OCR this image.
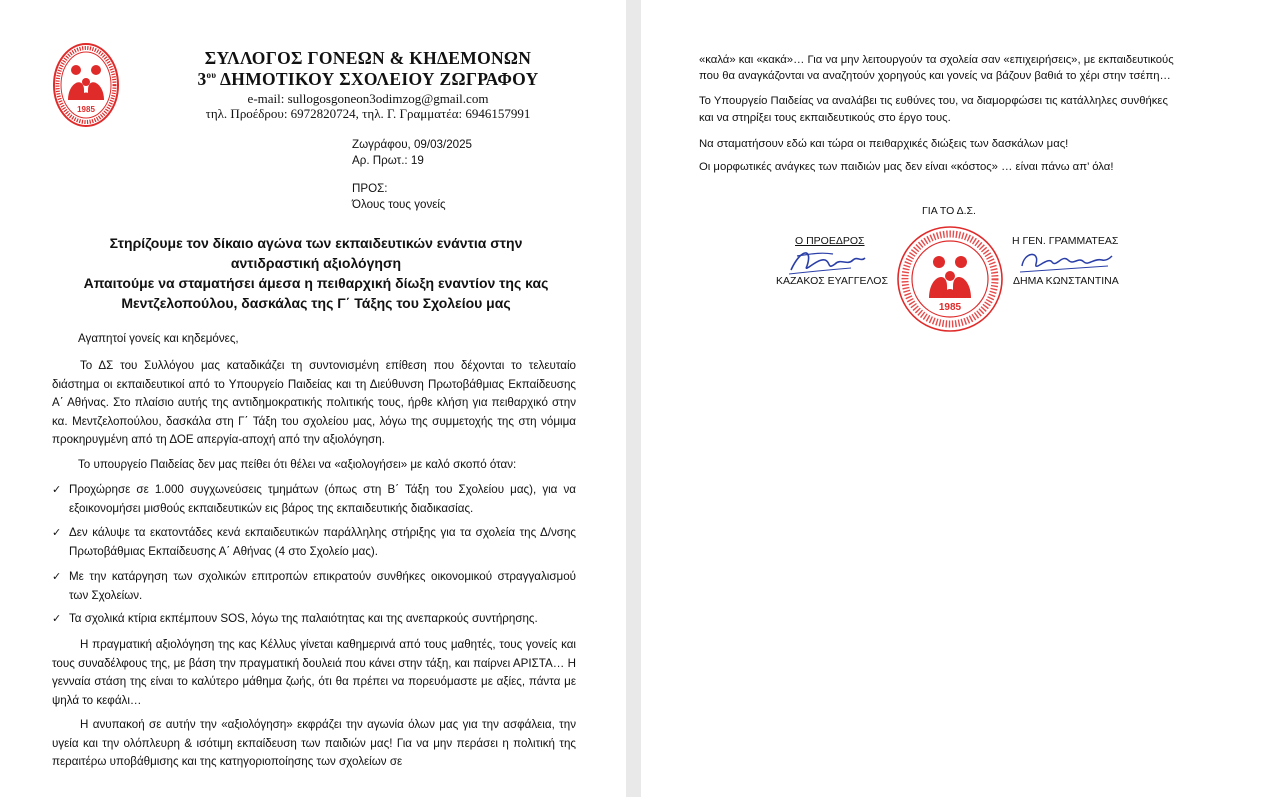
1985
ΣΥΛΛΟΓΟΣ ΓΟΝΕΩΝ & ΚΗΔΕΜΟΝΩΝ
$3^{o\upsilon}$ ΔΗΜΟΤΙΚΟΥ ΣΧΟΛΕΙΟΥ ΖΩΓΡΑΦΟΥ
e-mail: sullogosgoneon3odimzog@gmail.com
τηλ. Προέδρου: 6972820724, τηλ. Γ. Γραμματέα: 6946157991
Ζωγράφου, 09/03/2025
Αρ. Πρωτ.: 19
ΠΡΟΣ:
Όλους τους γονείς
Στηρίζουμε τον δίκαιο αγώνα των εκπαιδευτικών ενάντια στην
αντιδραστική αξιολόγηση
Απαιτούμε να σταματήσει άμεσα η πειθαρχική δίωξη εναντίον της κας
Μεντζελοπούλου, δασκάλας της Γ΄ Τάξης του Σχολείου μας
Αγαπητοί γονείς και κηδεμόνες,
Το ΔΣ του Συλλόγου μας καταδικάζει τη συντονισμένη επίθεση που δέχονται το τελευταίο διάστημα οι εκπαιδευτικοί από το Υπουργείο Παιδείας και τη Διεύθυνση Πρωτοβάθμιας Εκπαίδευσης Α΄ Αθήνας. Στο πλαίσιο αυτής της αντιδημοκρατικής πολιτικής τους, ήρθε κλήση για πειθαρχικό στην κα. Μεντζελοπούλου, δασκάλα στη Γ΄ Τάξη του σχολείου μας, λόγω της συμμετοχής της στη νόμιμα προκηρυγμένη από τη ΔΟΕ απεργία-αποχή από την αξιολόγηση.
Το υπουργείο Παιδείας δεν μας πείθει ότι θέλει να «αξιολογήσει» με καλό σκοπό όταν:
✓ Προχώρησε σε 1.000 συγχωνεύσεις τμημάτων (όπως στη Β΄ Τάξη του Σχολείου μας), για να εξοικονομήσει μισθούς εκπαιδευτικών εις βάρος της εκπαιδευτικής διαδικασίας.
✓ Δεν κάλυψε τα εκατοντάδες κενά εκπαιδευτικών παράλληλης στήριξης για τα σχολεία της Δ/νσης Πρωτοβάθμιας Εκπαίδευσης Α΄ Αθήνας (4 στο Σχολείο μας).
✓ Με την κατάργηση των σχολικών επιτροπών επικρατούν συνθήκες οικονομικού στραγγαλισμού των Σχολείων.
✓ Τα σχολικά κτίρια εκπέμπουν SOS, λόγω της παλαιότητας και της ανεπαρκούς συντήρησης.
Η πραγματική αξιολόγηση της κας Κέλλυς γίνεται καθημερινά από τους μαθητές, τους γονείς και τους συναδέλφους της, με βάση την πραγματική δουλειά που κάνει στην τάξη, και παίρνει ΑΡΙΣΤΑ… Η γενναία στάση της είναι το καλύτερο μάθημα ζωής, ότι θα πρέπει να πορευόμαστε με αξίες, πάντα με ψηλά το κεφάλι…
Η ανυπακοή σε αυτήν την «αξιολόγηση» εκφράζει την αγωνία όλων μας για την ασφάλεια, την υγεία και την ολόπλευρη & ισότιμη εκπαίδευση των παιδιών μας! Για να μην περάσει η πολιτική της περαιτέρω υποβάθμισης και της κατηγοριοποίησης των σχολείων σε
«καλά» και «κακά»… Για να μην λειτουργούν τα σχολεία σαν «επιχειρήσεις», με εκπαιδευτικούς
που θα αναγκάζονται να αναζητούν χορηγούς και γονείς να βάζουν βαθιά το χέρι στην τσέπη…
Το Υπουργείο Παιδείας να αναλάβει τις ευθύνες του, να διαμορφώσει τις κατάλληλες συνθήκες
και να στηρίξει τους εκπαιδευτικούς στο έργο τους.
Να σταματήσουν εδώ και τώρα οι πειθαρχικές διώξεις των δασκάλων μας!
Οι μορφωτικές ανάγκες των παιδιών μας δεν είναι «κόστος» … είναι πάνω απ’ όλα!
ΓΙΑ ΤΟ Δ.Σ.
Ο ΠΡΟΕΔΡΟΣ
ΚΑΖΑΚΟΣ ΕΥΑΓΓΕΛΟΣ
Η ΓΕΝ. ΓΡΑΜΜΑΤΕΑΣ
ΔΗΜΑ ΚΩΝΣΤΑΝΤΙΝΑ
1985
